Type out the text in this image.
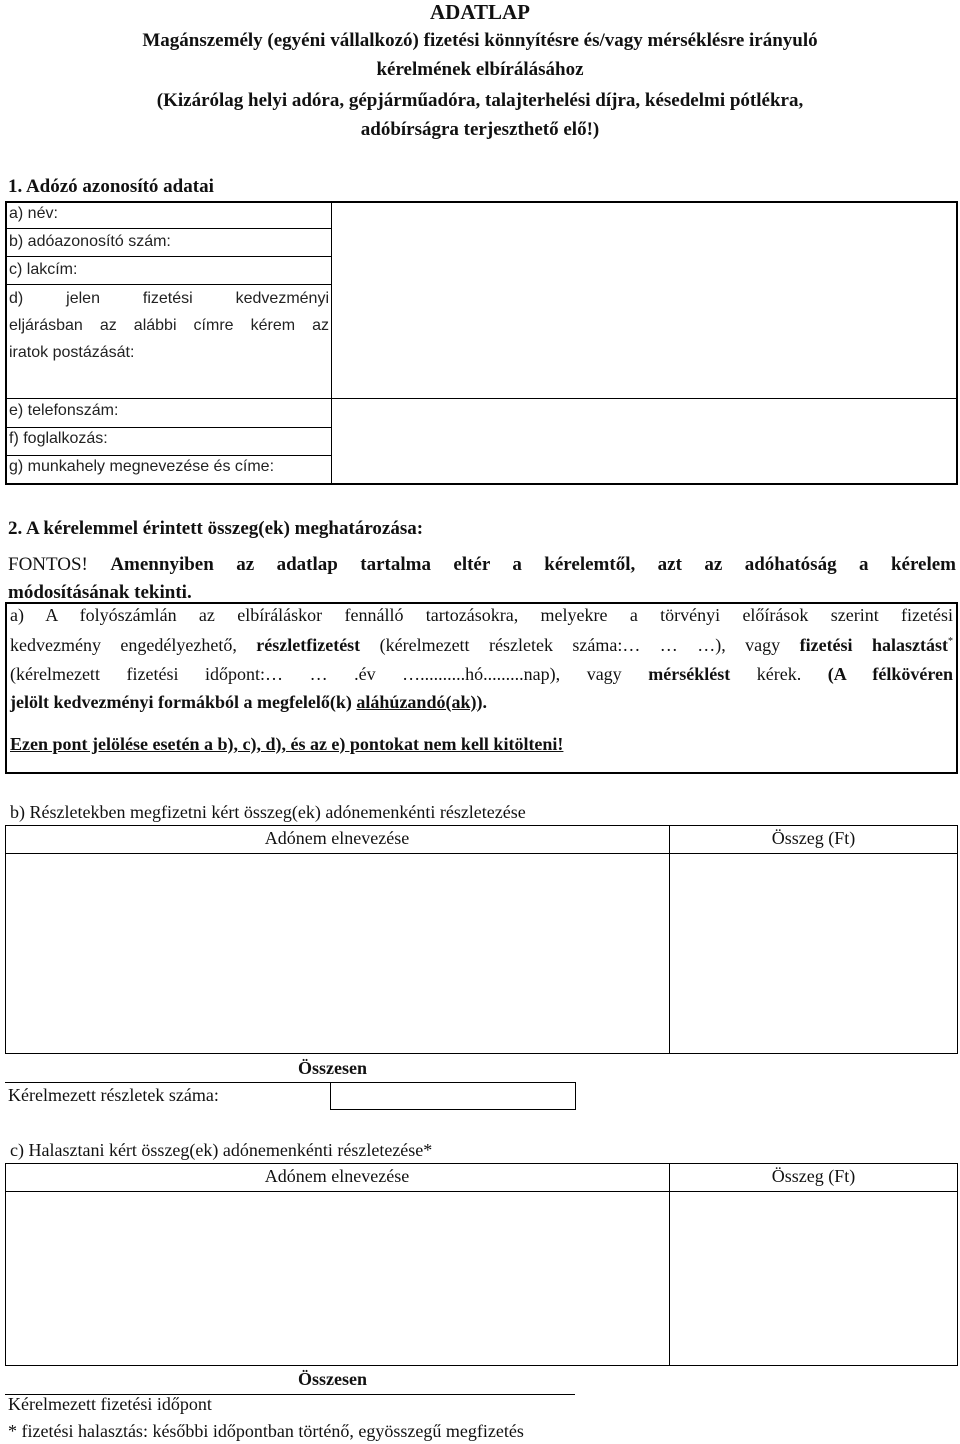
ADATLAP
Magánszemély (egyéni vállalkozó) fizetési könnyítésre és/vagy mérséklésre irányuló
kérelmének elbírálásához
(Kizárólag helyi adóra, gépjárműadóra, talajterhelési díjra, késedelmi pótlékra,
adóbírságra terjeszthető elő!)
1. Adózó azonosító adatai
a) név:
b) adóazonosító szám:
c) lakcím:
d) jelen fizetési kedvezményi
eljárásban az alábbi címre kérem az
iratok postázását:
e) telefonszám:
f) foglalkozás:
g) munkahely megnevezése és címe:
2. A kérelemmel érintett összeg(ek) meghatározása:
FONTOS! Amennyiben az adatlap tartalma eltér a kérelemtől, azt az adóhatóság a kérelem
módosításának tekinti.
a) A folyószámlán az elbíráláskor fennálló tartozásokra, melyekre a törvényi előírások szerint fizetési
kedvezmény engedélyezhető, részletfizetést (kérelmezett részletek száma:… … …), vagy fizetési halasztást*
(kérelmezett fizetési időpont:… … .év …..........hó.........nap), vagy mérséklést kérek. (A félkövéren
jelölt kedvezményi formákból a megfelelő(k) aláhúzandó(ak)).
Ezen pont jelölése esetén a b), c), d), és az e) pontokat nem kell kitölteni!
b) Részletekben megfizetni kért összeg(ek) adónemenkénti részletezése
Adónem elnevezése	Összeg (Ft)
Összesen
Kérelmezett részletek száma:
c) Halasztani kért összeg(ek) adónemenkénti részletezése*
Adónem elnevezése	Összeg (Ft)
Összesen
Kérelmezett fizetési időpont
* fizetési halasztás: későbbi időpontban történő, egyösszegű megfizetés
